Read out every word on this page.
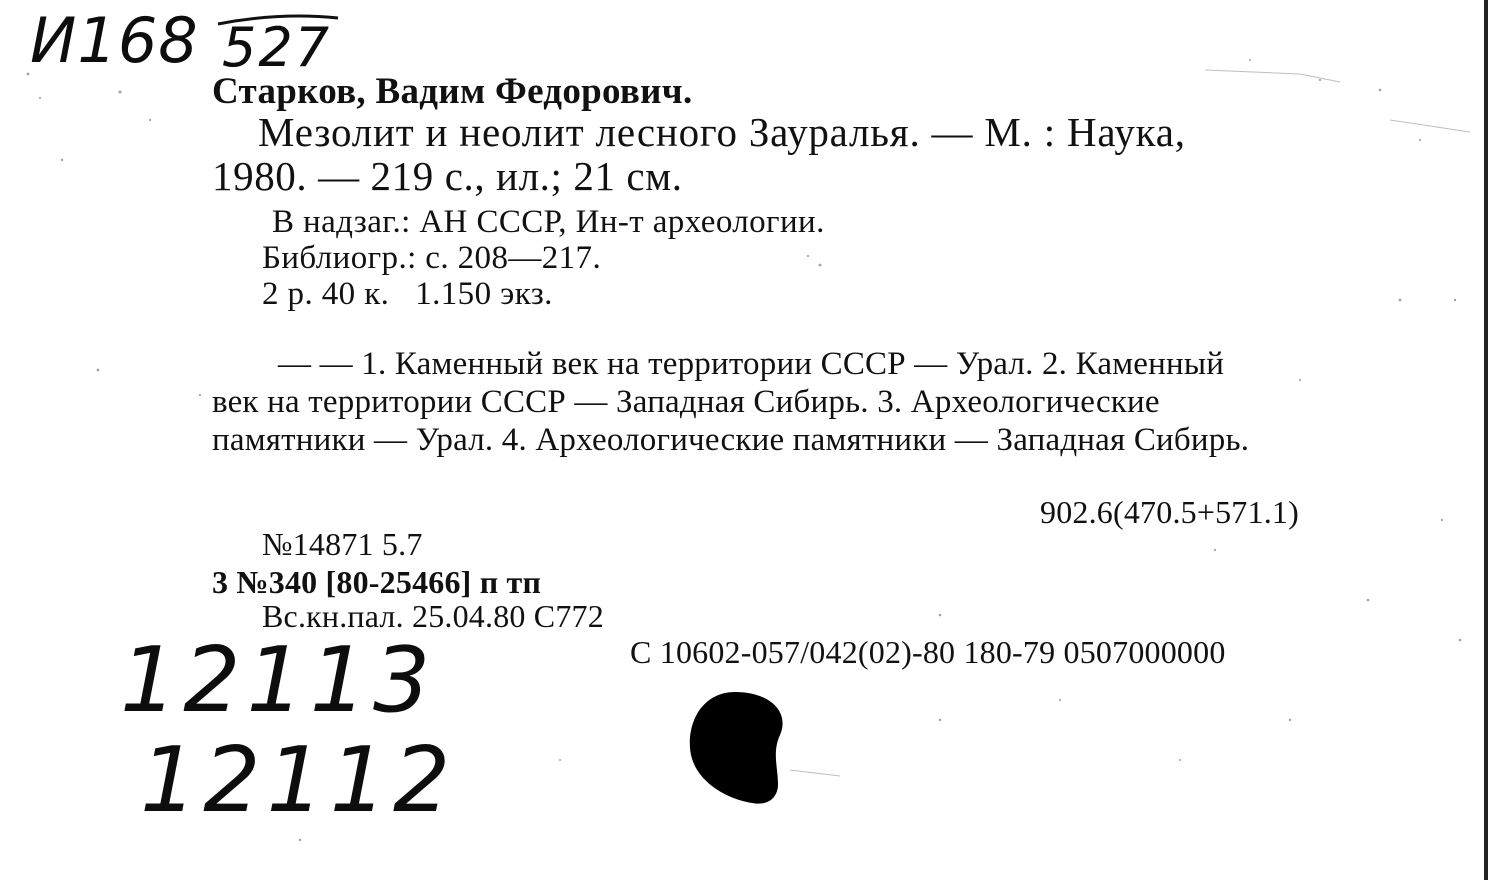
И168 527

12113

12112

Старков, Вадим Федорович.

Мезолит и неолит лесного Зауралья. — М. : Наука,

1980. — 219 с., ил.; 21 см.

В надзаг.: АН СССР, Ин-т археологии.

Библиогр.: с. 208—217.

2 р. 40 к.   1.150 экз.

— — 1. Каменный век на территории СССР — Урал. 2. Каменный

век на территории СССР — Западная Сибирь. 3. Археологические

памятники — Урал. 4. Археологические памятники — Западная Сибирь.

902.6(470.5+571.1)

№14871 5.7

3 №340 [80-25466] п тп

Вс.кн.пал. 25.04.80 С772

С 10602-057/042(02)-80 180-79 0507000000
